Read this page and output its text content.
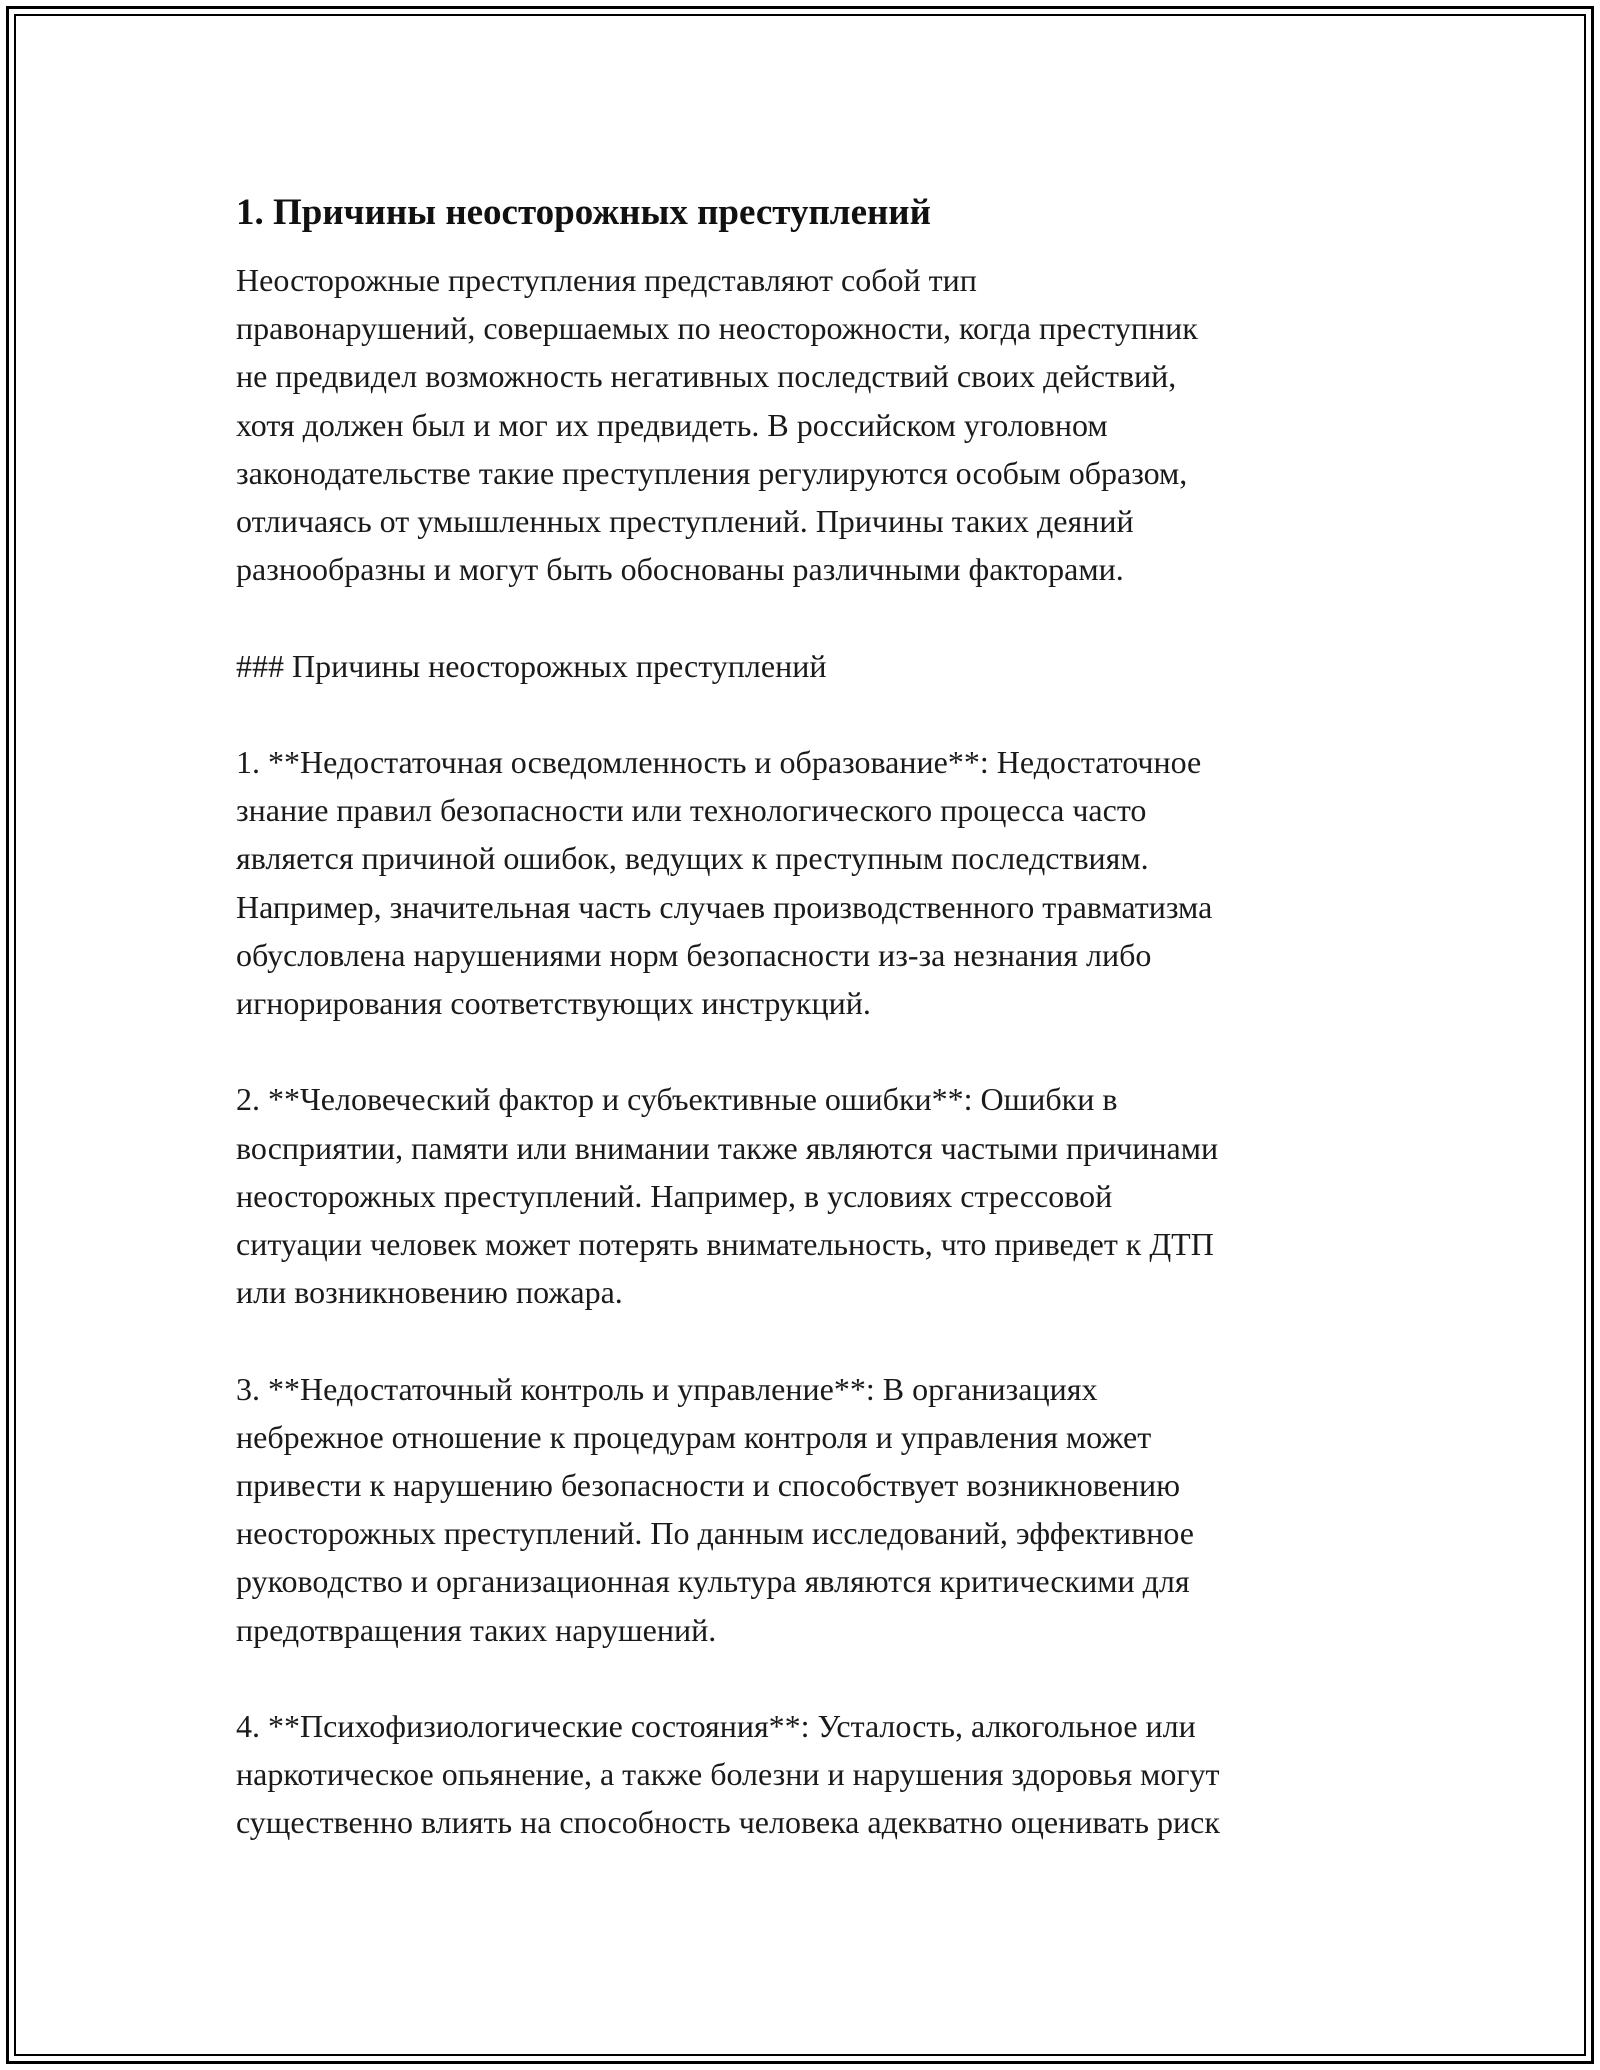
1. Причины неосторожных преступлений

Неосторожные преступления представляют собой тип
правонарушений, совершаемых по неосторожности, когда преступник
не предвидел возможность негативных последствий своих действий,
хотя должен был и мог их предвидеть. В российском уголовном
законодательстве такие преступления регулируются особым образом,
отличаясь от умышленных преступлений. Причины таких деяний
разнообразны и могут быть обоснованы различными факторами.

### Причины неосторожных преступлений

1. **Недостаточная осведомленность и образование**: Недостаточное
знание правил безопасности или технологического процесса часто
является причиной ошибок, ведущих к преступным последствиям.
Например, значительная часть случаев производственного травматизма
обусловлена нарушениями норм безопасности из-за незнания либо
игнорирования соответствующих инструкций.

2. **Человеческий фактор и субъективные ошибки**: Ошибки в
восприятии, памяти или внимании также являются частыми причинами
неосторожных преступлений. Например, в условиях стрессовой
ситуации человек может потерять внимательность, что приведет к ДТП
или возникновению пожара.

3. **Недостаточный контроль и управление**: В организациях
небрежное отношение к процедурам контроля и управления может
привести к нарушению безопасности и способствует возникновению
неосторожных преступлений. По данным исследований, эффективное
руководство и организационная культура являются критическими для
предотвращения таких нарушений.

4. **Психофизиологические состояния**: Усталость, алкогольное или
наркотическое опьянение, а также болезни и нарушения здоровья могут
существенно влиять на способность человека адекватно оценивать риск
